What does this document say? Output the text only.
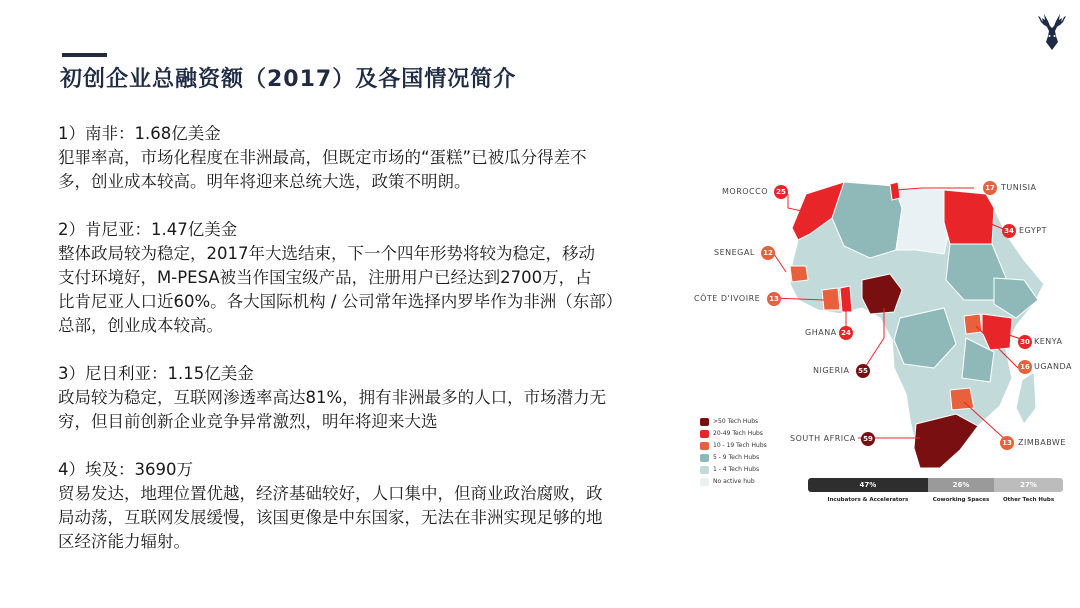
初创企业总融资额（2017）及各国情况简介

1）南非：1.68亿美金

犯罪率高，市场化程度在非洲最高，但既定市场的“蛋糕”已被瓜分得差不

多，创业成本较高。明年将迎来总统大选，政策不明朗。

2）肯尼亚：1.47亿美金

整体政局较为稳定，2017年大选结束，下一个四年形势将较为稳定，移动

支付环境好，M-PESA被当作国宝级产品，注册用户已经达到2700万，占

比肯尼亚人口近60%。各大国际机构 / 公司常年选择内罗毕作为非洲（东部）

总部，创业成本较高。

3）尼日利亚：1.15亿美金

政局较为稳定，互联网渗透率高达81%，拥有非洲最多的人口，市场潜力无

穷，但目前创新企业竞争异常激烈，明年将迎来大选

4）埃及：3690万

贸易发达，地理位置优越，经济基础较好，人口集中，但商业政治腐败，政

局动荡，互联网发展缓慢，该国更像是中东国家，无法在非洲实现足够的地

区经济能力辐射。

MOROCCO	25	TUNISIA
17
EGYPT
34
SENEGAL	12
CÔTE D'IVOIRE	13
GHANA 24
NIGERIA	55
KENYA
30
UGANDA
16
SOUTH AFRICA	59	ZIMBABWE
13
>50 Tech Hubs
20-49 Tech Hubs
10 - 19 Tech Hubs
5 - 9 Tech Hubs
1 - 4 Tech Hubs
No active hub	47%	26%	27%
Incubators & Accelerators	Coworking Spaces	Other Tech Hubs
